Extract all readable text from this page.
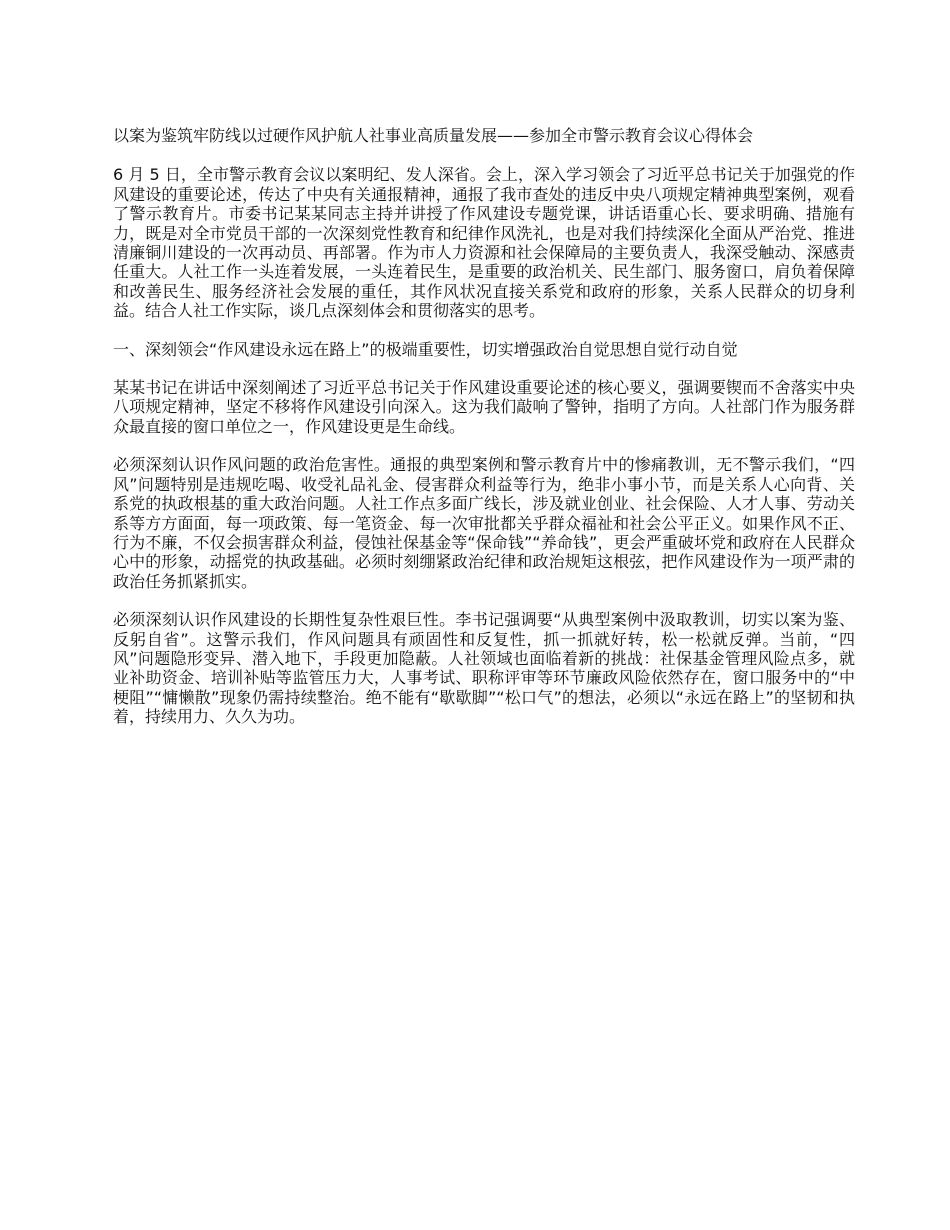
以案为鉴筑牢防线以过硬作风护航人社事业高质量发展——参加全市警示教育会议心得体会

6 月 5 日，全市警示教育会议以案明纪、发人深省。会上，深入学习领会了习近平总书记关于加强党的作风建设的重要论述，传达了中央有关通报精神，通报了我市查处的违反中央八项规定精神典型案例，观看了警示教育片。市委书记某某同志主持并讲授了作风建设专题党课，讲话语重心长、要求明确、措施有力，既是对全市党员干部的一次深刻党性教育和纪律作风洗礼，也是对我们持续深化全面从严治党、推进清廉铜川建设的一次再动员、再部署。作为市人力资源和社会保障局的主要负责人，我深受触动、深感责任重大。人社工作一头连着发展，一头连着民生，是重要的政治机关、民生部门、服务窗口，肩负着保障和改善民生、服务经济社会发展的重任，其作风状况直接关系党和政府的形象，关系人民群众的切身利益。结合人社工作实际，谈几点深刻体会和贯彻落实的思考。

一、深刻领会“作风建设永远在路上”的极端重要性，切实增强政治自觉思想自觉行动自觉

某某书记在讲话中深刻阐述了习近平总书记关于作风建设重要论述的核心要义，强调要锲而不舍落实中央八项规定精神，坚定不移将作风建设引向深入。这为我们敲响了警钟，指明了方向。人社部门作为服务群众最直接的窗口单位之一，作风建设更是生命线。

必须深刻认识作风问题的政治危害性。通报的典型案例和警示教育片中的惨痛教训，无不警示我们，“四风”问题特别是违规吃喝、收受礼品礼金、侵害群众利益等行为，绝非小事小节，而是关系人心向背、关系党的执政根基的重大政治问题。人社工作点多面广线长，涉及就业创业、社会保险、人才人事、劳动关系等方方面面，每一项政策、每一笔资金、每一次审批都关乎群众福祉和社会公平正义。如果作风不正、行为不廉，不仅会损害群众利益，侵蚀社保基金等“保命钱”“养命钱”，更会严重破坏党和政府在人民群众心中的形象，动摇党的执政基础。必须时刻绷紧政治纪律和政治规矩这根弦，把作风建设作为一项严肃的政治任务抓紧抓实。

必须深刻认识作风建设的长期性复杂性艰巨性。李书记强调要“从典型案例中汲取教训，切实以案为鉴、反躬自省”。这警示我们，作风问题具有顽固性和反复性，抓一抓就好转，松一松就反弹。当前，“四风”问题隐形变异、潜入地下，手段更加隐蔽。人社领域也面临着新的挑战：社保基金管理风险点多，就业补助资金、培训补贴等监管压力大，人事考试、职称评审等环节廉政风险依然存在，窗口服务中的“中梗阻”“慵懒散”现象仍需持续整治。绝不能有“歇歇脚”“松口气”的想法，必须以“永远在路上”的坚韧和执着，持续用力、久久为功。
